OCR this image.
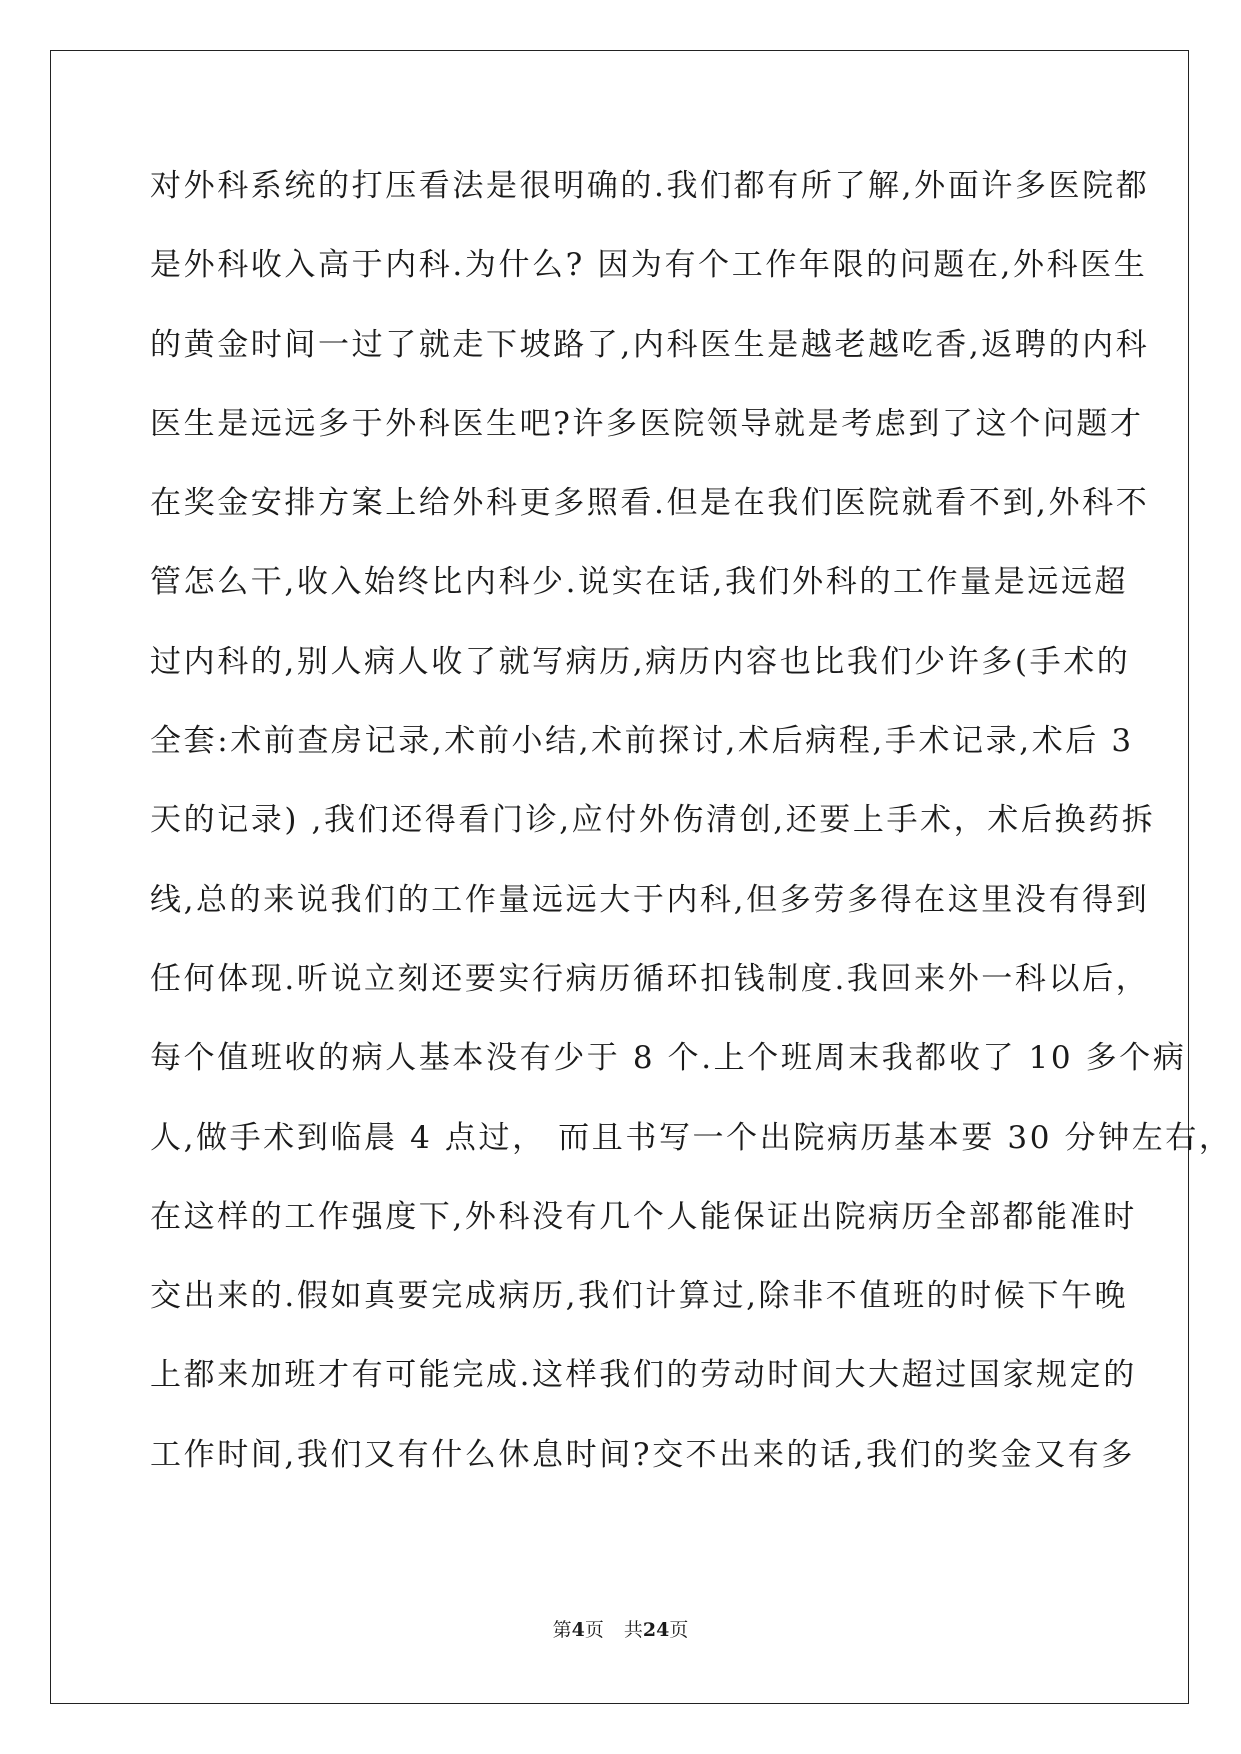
对外科系统的打压看法是很明确的.我们都有所了解,外面许多医院都
是外科收入高于内科.为什么? 因为有个工作年限的问题在,外科医生
的黄金时间一过了就走下坡路了,内科医生是越老越吃香,返聘的内科
医生是远远多于外科医生吧?许多医院领导就是考虑到了这个问题才
在奖金安排方案上给外科更多照看.但是在我们医院就看不到,外科不
管怎么干,收入始终比内科少.说实在话,我们外科的工作量是远远超
过内科的,别人病人收了就写病历,病历内容也比我们少许多(手术的
全套:术前查房记录,术前小结,术前探讨,术后病程,手术记录,术后 3
天的记录) ,我们还得看门诊,应付外伤清创,还要上手术，术后换药拆
线,总的来说我们的工作量远远大于内科,但多劳多得在这里没有得到
任何体现.听说立刻还要实行病历循环扣钱制度.我回来外一科以后，
每个值班收的病人基本没有少于 8 个.上个班周末我都收了 10 多个病
人,做手术到临晨 4 点过， 而且书写一个出院病历基本要 30 分钟左右，
在这样的工作强度下,外科没有几个人能保证出院病历全部都能准时
交出来的.假如真要完成病历,我们计算过,除非不值班的时候下午晚
上都来加班才有可能完成.这样我们的劳动时间大大超过国家规定的
工作时间,我们又有什么休息时间?交不出来的话,我们的奖金又有多
第4页 共24页
